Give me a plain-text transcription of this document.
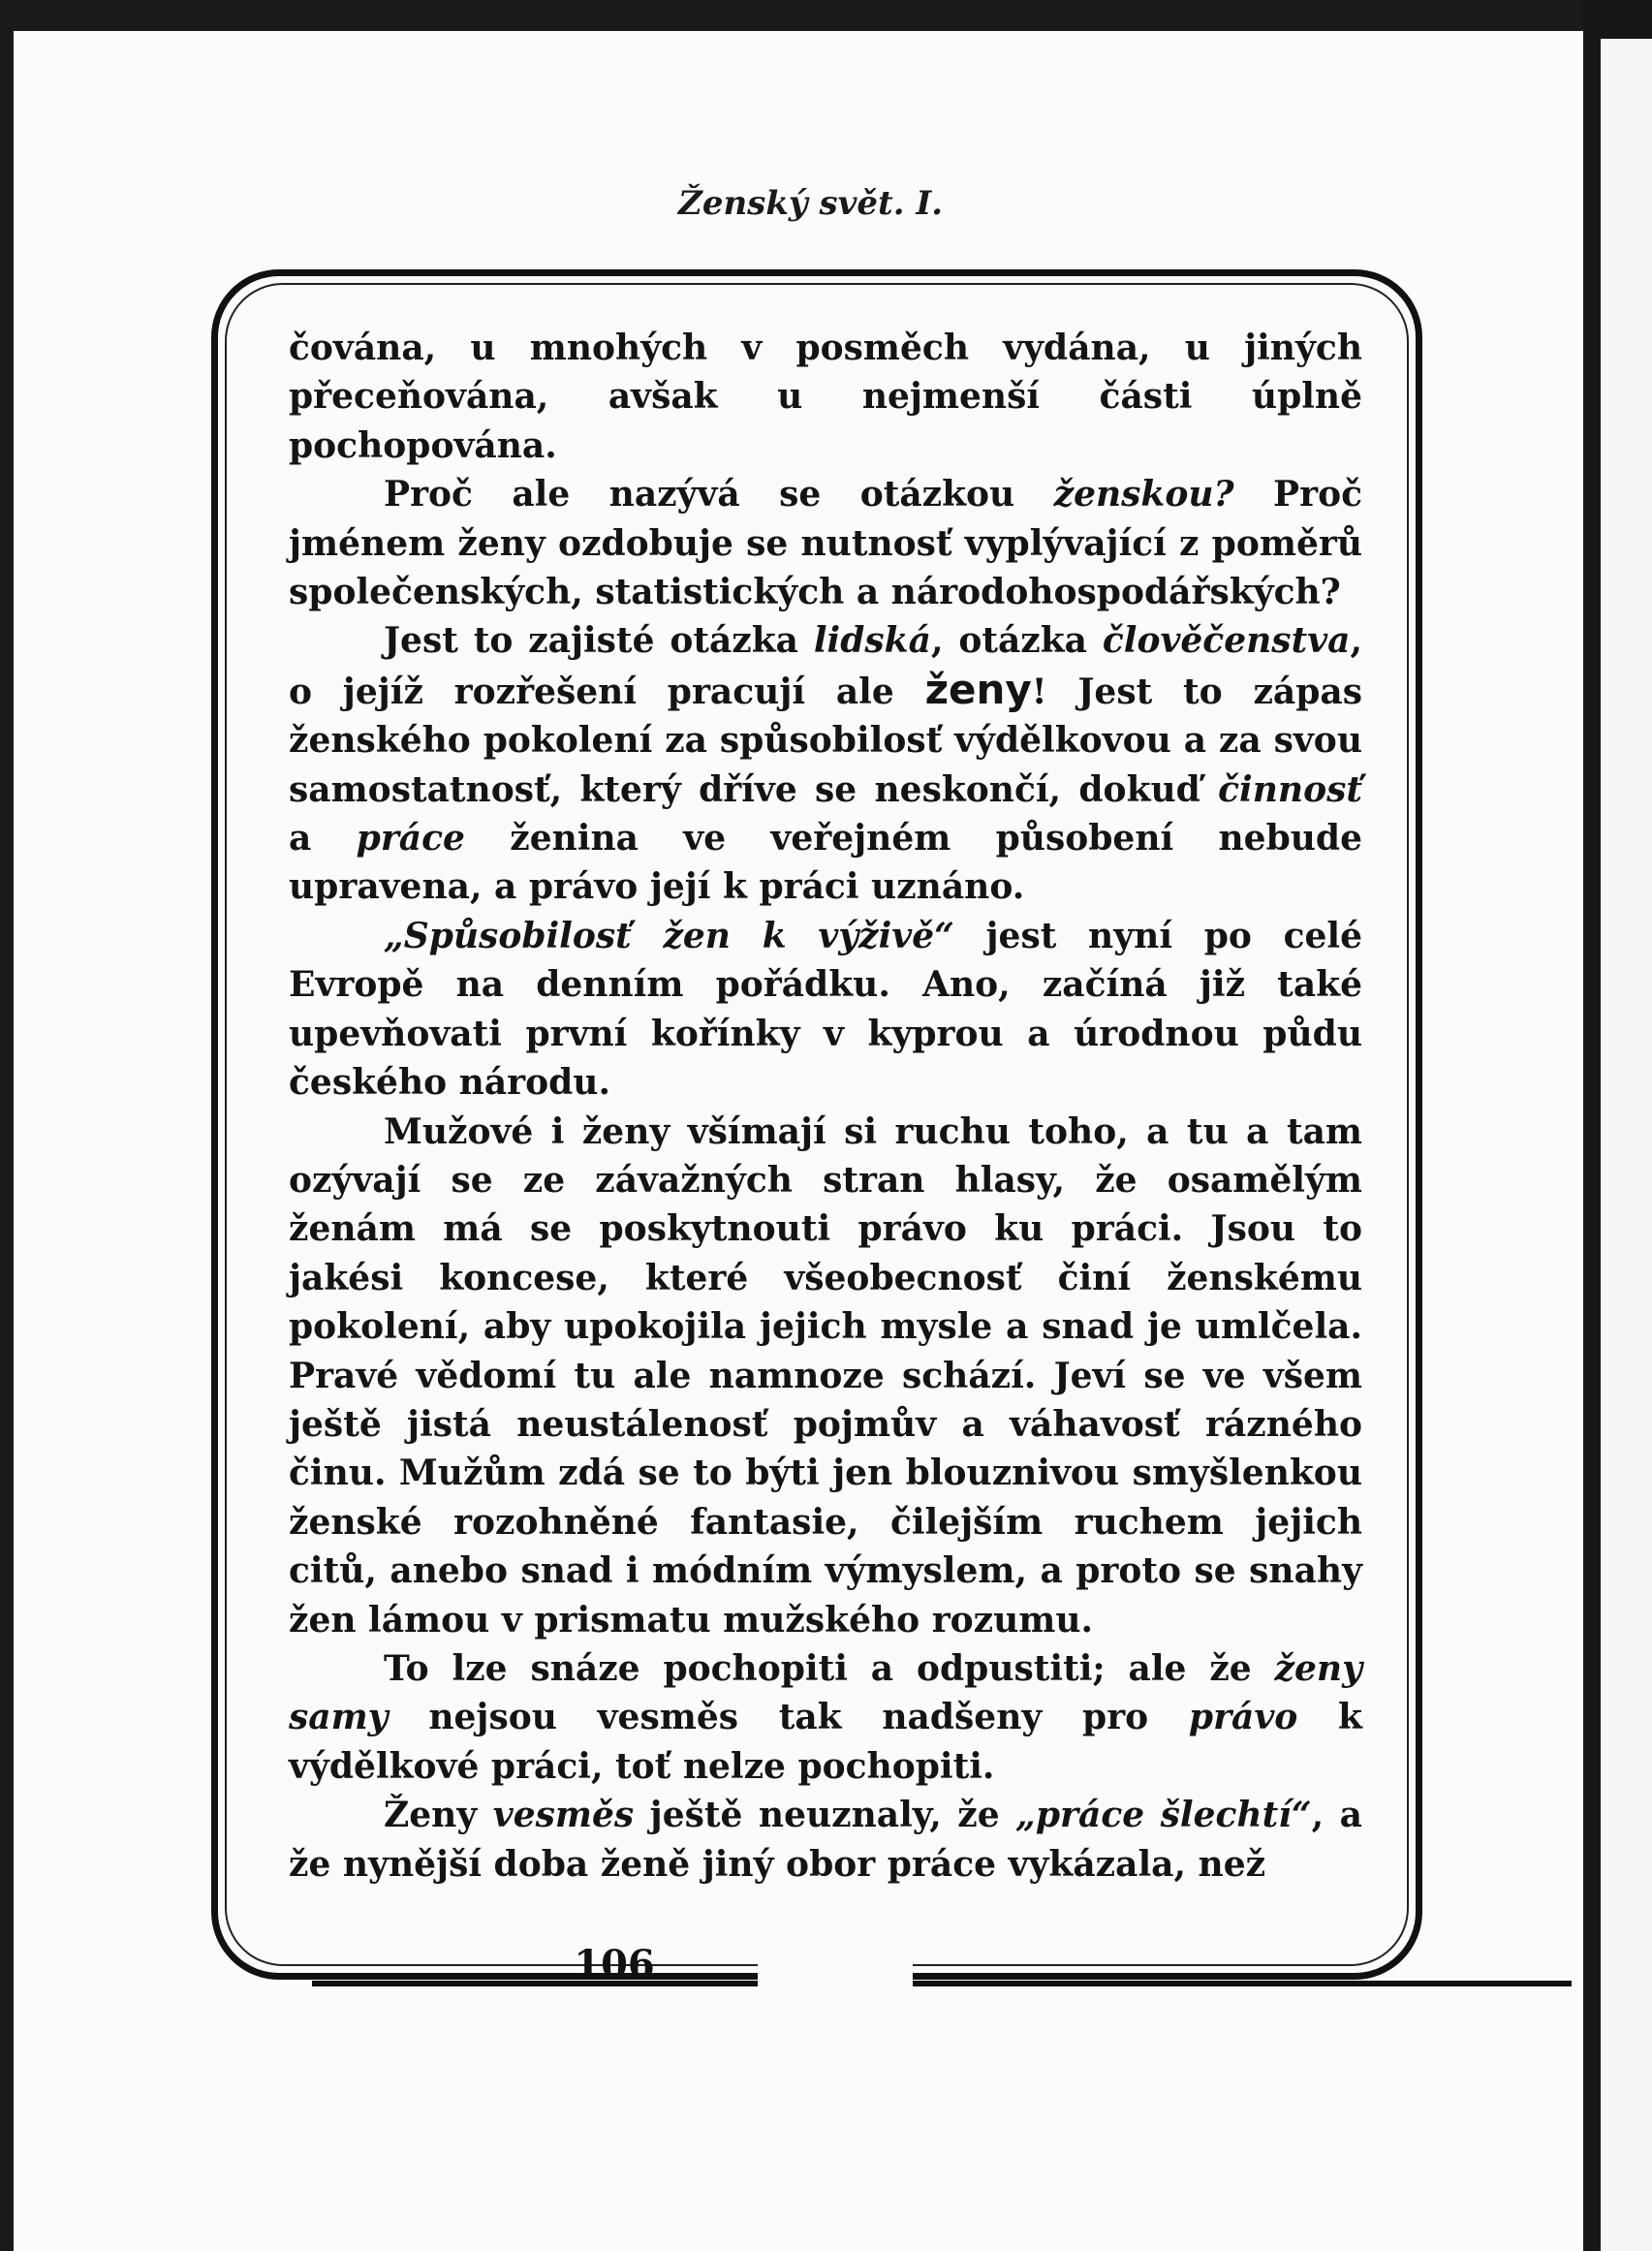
Ženský svět. I.

čována, u mnohých v posměch vydána, u jiných přeceňována, avšak u nejmenší části úplně pochopována.

Proč ale nazývá se otázkou ženskou? Proč jménem ženy ozdobuje se nutnosť vyplývající z poměrů společenských, statistických a národohospodářských?

Jest to zajisté otázka lidská, otázka člověčenstva, o jejíž rozřešení pracují ale ženy! Jest to zápas ženského pokolení za spůsobilosť výdělkovou a za svou samostatnosť, který dříve se neskončí, dokuď činnosť a práce ženina ve veřejném působení nebude upravena, a právo její k práci uznáno.

„Spůsobilosť žen k výživě“ jest nyní po celé Evropě na denním pořádku. Ano, začíná již také upevňovati první kořínky v kyprou a úrodnou půdu českého národu.

Mužové i ženy všímají si ruchu toho, a tu a tam ozývají se ze závažných stran hlasy, že osamělým ženám má se poskytnouti právo ku práci. Jsou to jakési koncese, které všeobecnosť činí ženskému pokolení, aby upokojila jejich mysle a snad je umlčela. Pravé vědomí tu ale namnoze schází. Jeví se ve všem ještě jistá neustálenosť pojmův a váhavosť rázného činu. Mužům zdá se to býti jen blouznivou smyšlenkou ženské rozohněné fantasie, čilejším ruchem jejich citů, anebo snad i módním výmyslem, a proto se snahy žen lámou v prismatu mužského rozumu.

To lze snáze pochopiti a odpustiti; ale že ženy samy nejsou vesměs tak nadšeny pro právo k výdělkové práci, toť nelze pochopiti.

Ženy vesměs ještě neuznaly, že „práce šlechtí“, a že nynější doba ženě jiný obor práce vykázala, než

106
